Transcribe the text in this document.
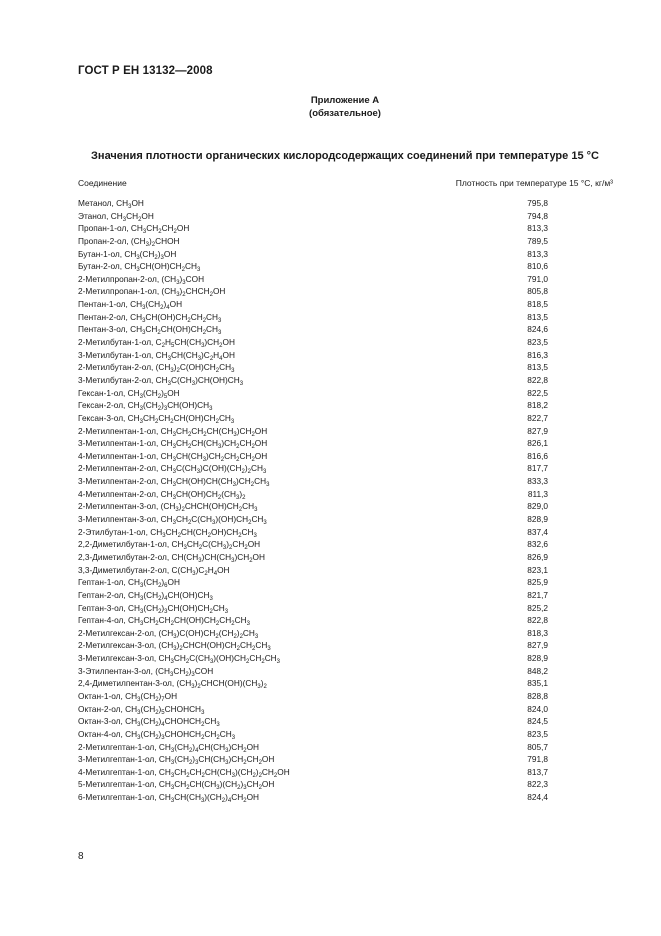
ГОСТ Р ЕН 13132—2008
Приложение А
(обязательное)
Значения плотности органических кислородсодержащих соединений при температуре 15 °С
Соединение	Плотность при температуре 15 °С, кг/м³
Метанол, $CH_3OH$	795,8
Этанол, $CH_3CH_2OH$	794,8
Пропан-1-ол, $CH_3CH_2CH_2OH$	813,3
Пропан-2-ол, $(CH_3)_2CHOH$	789,5
Бутан-1-ол, $CH_3(CH_2)_3OH$	813,3
Бутан-2-ол, $CH_3CH(OH)CH_2CH_3$	810,6
2-Метилпропан-2-ол, $(CH_3)_3COH$	791,0
2-Метилпропан-1-ол, $(CH_3)_2CHCH_2OH$	805,8
Пентан-1-ол, $CH_3(CH_2)_4OH$	818,5
Пентан-2-ол, $CH_3CH(OH)CH_2CH_2CH_3$	813,5
Пентан-3-ол, $CH_3CH_2CH(OH)CH_2CH_3$	824,6
2-Метилбутан-1-ол, $C_2H_5CH(CH_3)CH_2OH$	823,5
3-Метилбутан-1-ол, $CH_3CH(CH_3)C_2H_4OH$	816,3
2-Метилбутан-2-ол, $(CH_3)_2C(OH)CH_2CH_3$	813,5
3-Метилбутан-2-ол, $CH_3C(CH_3)CH(OH)CH_3$	822,8
Гексан-1-ол, $CH_3(CH_2)_5OH$	822,5
Гексан-2-ол, $CH_3(CH_2)_3CH(OH)CH_3$	818,2
Гексан-3-ол, $CH_3CH_2CH_2CH(OH)CH_2CH_3$	822,7
2-Метилпентан-1-ол, $CH_3CH_2CH_2CH(CH_3)CH_2OH$	827,9
3-Метилпентан-1-ол, $CH_3CH_2CH(CH_3)CH_2CH_2OH$	826,1
4-Метилпентан-1-ол, $CH_3CH(CH_3)CH_2CH_2CH_2OH$	816,6
2-Метилпентан-2-ол, $CH_3C(CH_3)C(OH)(CH_2)_2CH_3$	817,7
3-Метилпентан-2-ол, $CH_3CH(OH)CH(CH_3)CH_2CH_3$	833,3
4-Метилпентан-2-ол, $CH_3CH(OH)CH_2(CH_3)_2$	811,3
2-Метилпентан-3-ол, $(CH_3)_2CHCH(OH)CH_2CH_3$	829,0
3-Метилпентан-3-ол, $CH_3CH_2C(CH_3)(OH)CH_2CH_3$	828,9
2-Этилбутан-1-ол, $CH_3CH_2CH(CH_2OH)CH_2CH_3$	837,4
2,2-Диметилбутан-1-ол, $CH_3CH_2C(CH_3)_2CH_2OH$	832,6
2,3-Диметилбутан-2-ол, $CH(CH_3)CH(CH_3)CH_2OH$	826,9
3,3-Диметилбутан-2-ол, $C(CH_3)C_2H_4OH$	823,1
Гептан-1-ол, $CH_3(CH_2)_6OH$	825,9
Гептан-2-ол, $CH_3(CH_2)_4CH(OH)CH_3$	821,7
Гептан-3-ол, $CH_3(CH_2)_3CH(OH)CH_2CH_3$	825,2
Гептан-4-ол, $CH_3CH_2CH_2CH(OH)CH_2CH_2CH_3$	822,8
2-Метилгексан-2-ол, $(CH_3)C(OH)CH_2(CH_2)_2CH_3$	818,3
2-Метилгексан-3-ол, $(CH_3)_2CHCH(OH)CH_2CH_2CH_3$	827,9
3-Метилгексан-3-ол, $CH_3CH_2C(CH_3)(OH)CH_2CH_2CH_3$	828,9
3-Этилпентан-3-ол, $(CH_3CH_2)_3COH$	848,2
2,4-Диметилпентан-3-ол, $(CH_3)_2CHCH(OH)(CH_3)_2$	835,1
Октан-1-ол, $CH_3(CH_2)_7OH$	828,8
Октан-2-ол, $CH_3(CH_2)_5CHOHCH_3$	824,0
Октан-3-ол, $CH_3(CH_2)_4CHOHCH_2CH_3$	824,5
Октан-4-ол, $CH_3(CH_2)_3CHOHCH_2CH_2CH_3$	823,5
2-Метилгептан-1-ол, $CH_3(CH_2)_4CH(CH_3)CH_2OH$	805,7
3-Метилгептан-1-ол, $CH_3(CH_2)_3CH(CH_3)CH_2CH_2OH$	791,8
4-Метилгептан-1-ол, $CH_3CH_2CH_2CH(CH_3)(CH_2)_2CH_2OH$	813,7
5-Метилгептан-1-ол, $CH_3CH_2CH(CH_3)(CH_2)_3CH_2OH$	822,3
6-Метилгептан-1-ол, $CH_3CH(CH_3)(CH_2)_4CH_2OH$	824,4
8
